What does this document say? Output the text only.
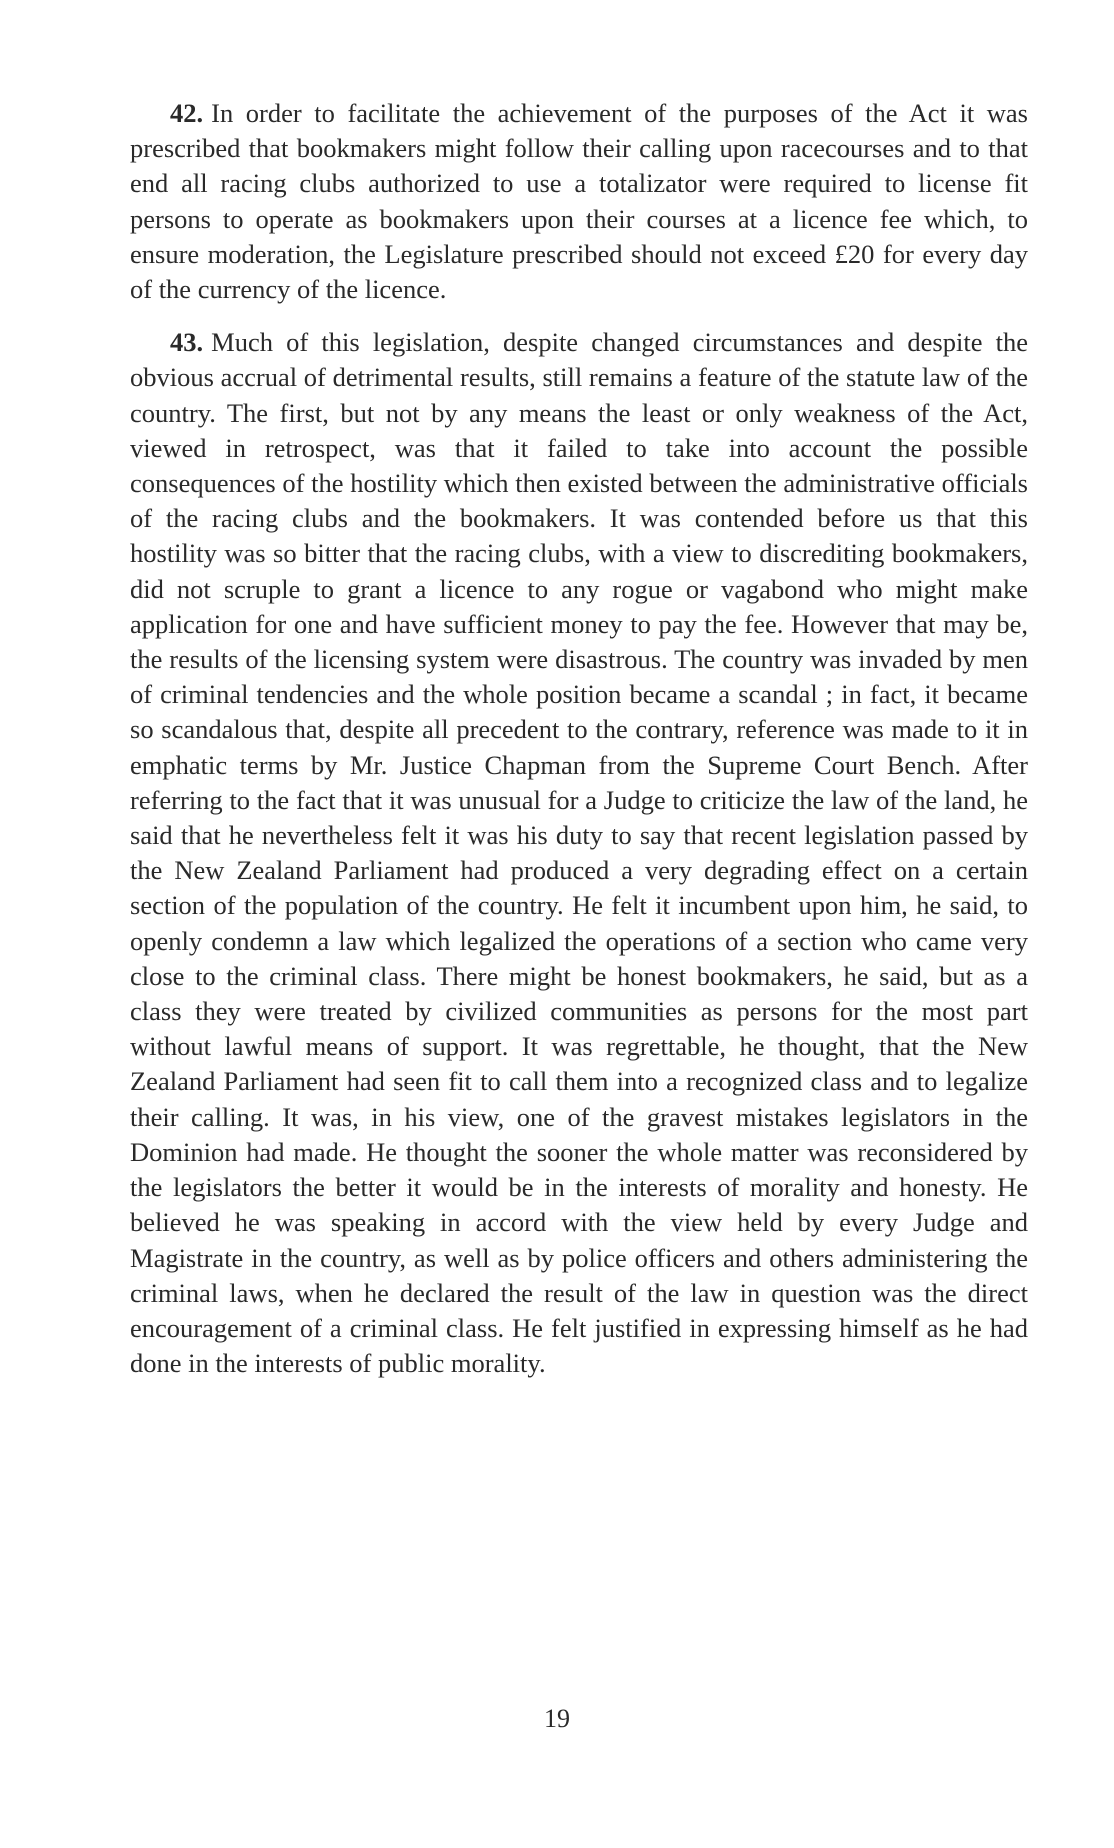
42. In order to facilitate the achievement of the purposes of the Act it was prescribed that bookmakers might follow their calling upon racecourses and to that end all racing clubs authorized to use a totalizator were required to license fit persons to operate as bookmakers upon their courses at a licence fee which, to ensure moderation, the Legislature prescribed should not exceed £20 for every day of the currency of the licence.

43. Much of this legislation, despite changed circumstances and despite the obvious accrual of detrimental results, still remains a feature of the statute law of the country. The first, but not by any means the least or only weakness of the Act, viewed in retrospect, was that it failed to take into account the possible consequences of the hostility which then existed between the administrative officials of the racing clubs and the bookmakers. It was contended before us that this hostility was so bitter that the racing clubs, with a view to discrediting bookmakers, did not scruple to grant a licence to any rogue or vagabond who might make application for one and have sufficient money to pay the fee. However that may be, the results of the licensing system were disastrous. The country was invaded by men of criminal tendencies and the whole position became a scandal ; in fact, it became so scandalous that, despite all precedent to the contrary, reference was made to it in emphatic terms by Mr. Justice Chapman from the Supreme Court Bench. After referring to the fact that it was unusual for a Judge to criticize the law of the land, he said that he nevertheless felt it was his duty to say that recent legislation passed by the New Zealand Parliament had produced a very degrading effect on a certain section of the population of the country. He felt it incumbent upon him, he said, to openly condemn a law which legalized the operations of a section who came very close to the criminal class. There might be honest bookmakers, he said, but as a class they were treated by civilized communities as persons for the most part without lawful means of support. It was regrettable, he thought, that the New Zealand Parliament had seen fit to call them into a recognized class and to legalize their calling. It was, in his view, one of the gravest mistakes legislators in the Dominion had made. He thought the sooner the whole matter was reconsidered by the legislators the better it would be in the interests of morality and honesty. He believed he was speaking in accord with the view held by every Judge and Magistrate in the country, as well as by police officers and others administering the criminal laws, when he declared the result of the law in question was the direct encouragement of a criminal class. He felt justified in expressing himself as he had done in the interests of public morality.

19
